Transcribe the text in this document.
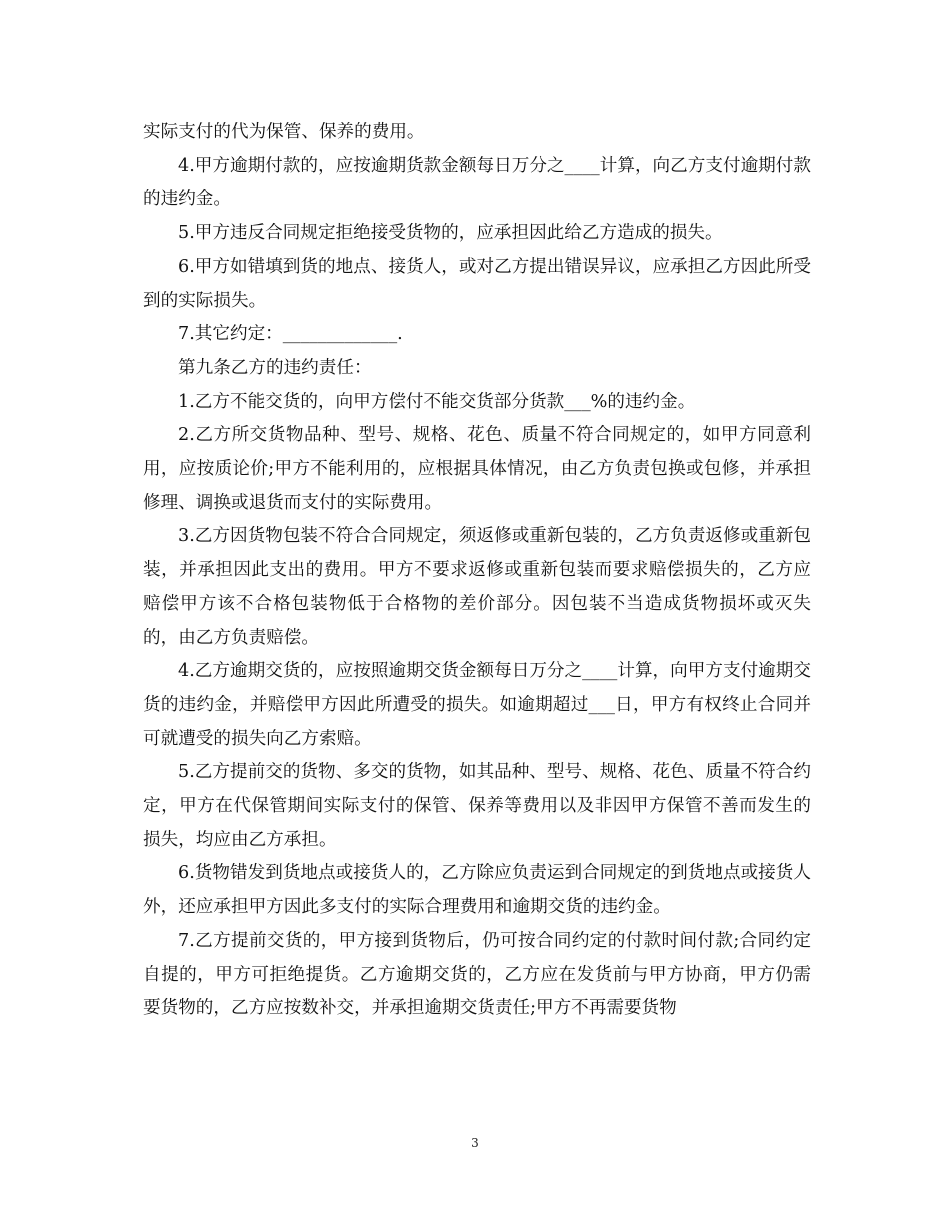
实际支付的代为保管、保养的费用。

4.甲方逾期付款的，应按逾期货款金额每日万分之____计算，向乙方支付逾期付款的违约金。

5.甲方违反合同规定拒绝接受货物的，应承担因此给乙方造成的损失。

6.甲方如错填到货的地点、接货人，或对乙方提出错误异议，应承担乙方因此所受到的实际损失。

7.其它约定：_____________.

第九条乙方的违约责任：

1.乙方不能交货的，向甲方偿付不能交货部分货款___%的违约金。

2.乙方所交货物品种、型号、规格、花色、质量不符合同规定的，如甲方同意利用，应按质论价;甲方不能利用的，应根据具体情况，由乙方负责包换或包修，并承担修理、调换或退货而支付的实际费用。

3.乙方因货物包装不符合合同规定，须返修或重新包装的，乙方负责返修或重新包装，并承担因此支出的费用。甲方不要求返修或重新包装而要求赔偿损失的，乙方应赔偿甲方该不合格包装物低于合格物的差价部分。因包装不当造成货物损坏或灭失的，由乙方负责赔偿。

4.乙方逾期交货的，应按照逾期交货金额每日万分之____计算，向甲方支付逾期交货的违约金，并赔偿甲方因此所遭受的损失。如逾期超过___日，甲方有权终止合同并可就遭受的损失向乙方索赔。

5.乙方提前交的货物、多交的货物，如其品种、型号、规格、花色、质量不符合约定，甲方在代保管期间实际支付的保管、保养等费用以及非因甲方保管不善而发生的损失，均应由乙方承担。

6.货物错发到货地点或接货人的，乙方除应负责运到合同规定的到货地点或接货人外，还应承担甲方因此多支付的实际合理费用和逾期交货的违约金。

7.乙方提前交货的，甲方接到货物后，仍可按合同约定的付款时间付款;合同约定自提的，甲方可拒绝提货。乙方逾期交货的，乙方应在发货前与甲方协商，甲方仍需要货物的，乙方应按数补交，并承担逾期交货责任;甲方不再需要货物

3
